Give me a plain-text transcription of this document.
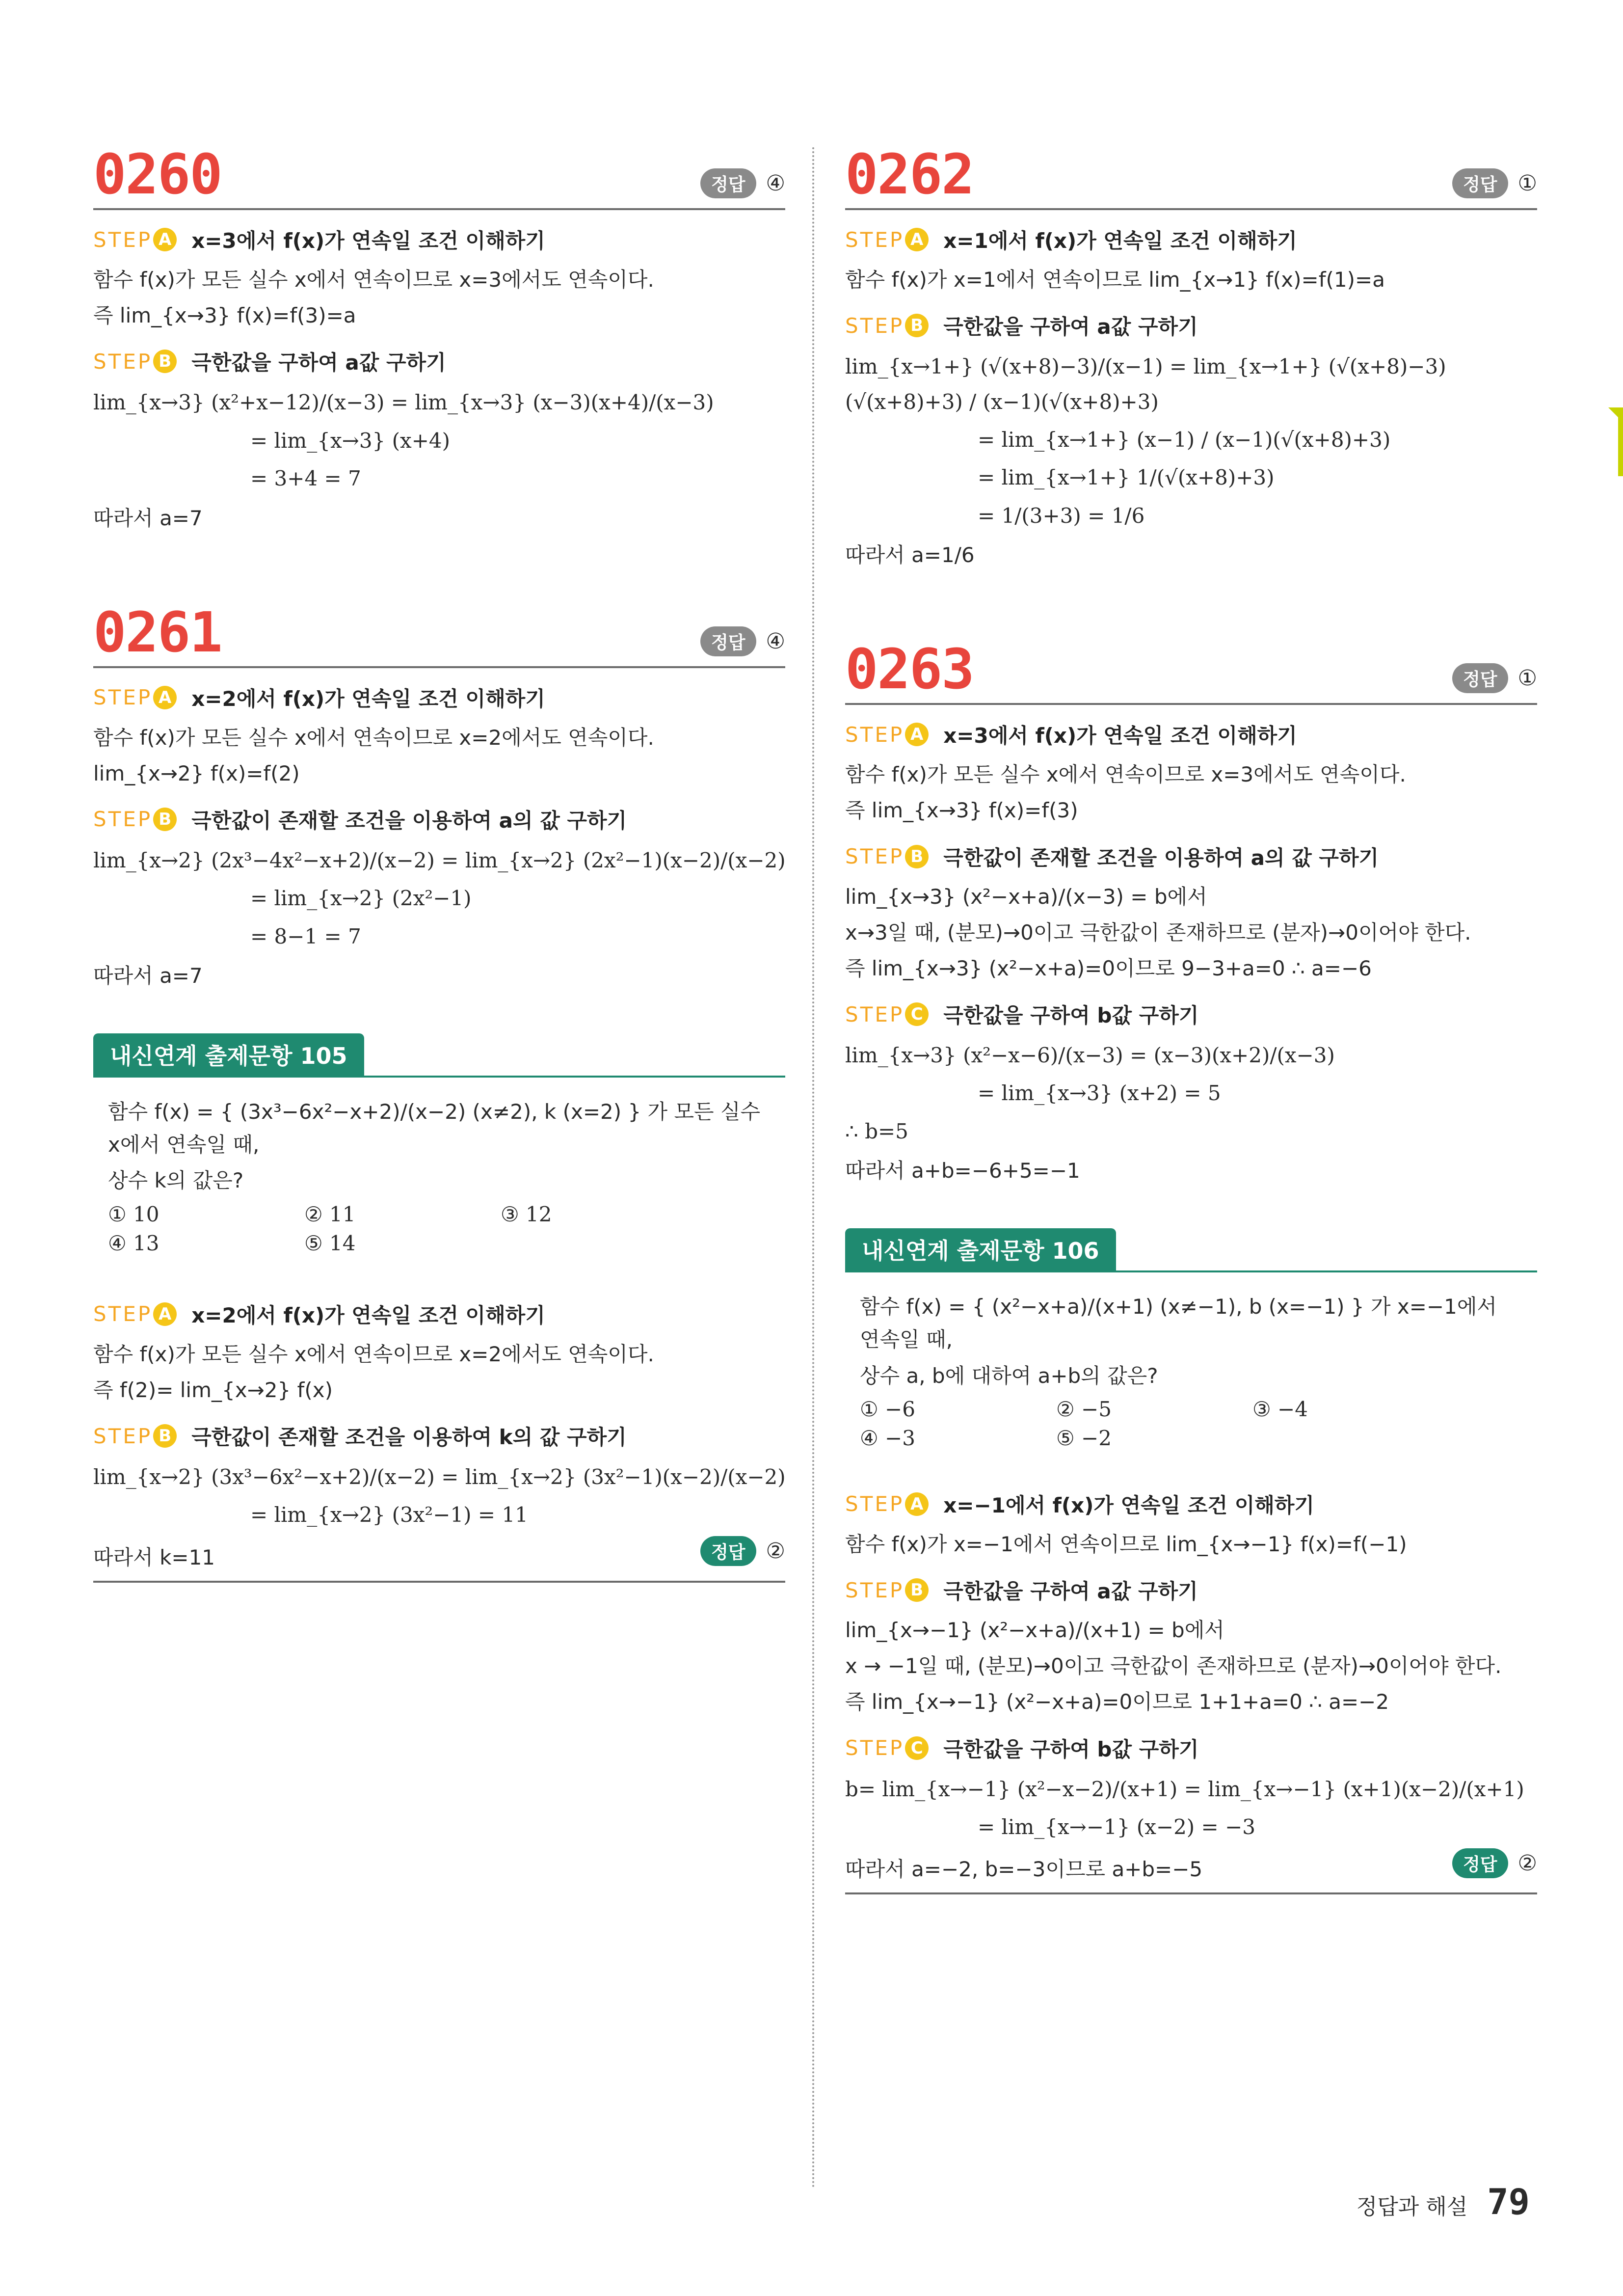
0260	정답 ④
STEP A x=3에서 f(x)가 연속일 조건 이해하기
함수 f(x)가 모든 실수 x에서 연속이므로 x=3에서도 연속이다.
즉 lim_{x→3} f(x)=f(3)=a
STEP B 극한값을 구하여 a값 구하기
lim_{x→3} (x²+x−12)/(x−3) = lim_{x→3} (x−3)(x+4)/(x−3)
= lim_{x→3} (x+4)
= 3+4 = 7
따라서 a=7
0261	정답 ④
STEP A x=2에서 f(x)가 연속일 조건 이해하기
함수 f(x)가 모든 실수 x에서 연속이므로 x=2에서도 연속이다.
lim_{x→2} f(x)=f(2)
STEP B 극한값이 존재할 조건을 이용하여 a의 값 구하기
lim_{x→2} (2x³−4x²−x+2)/(x−2) = lim_{x→2} (2x²−1)(x−2)/(x−2)
= lim_{x→2} (2x²−1)
= 8−1 = 7
따라서 a=7
내신연계 출제문항 105
함수 f(x) = { (3x³−6x²−x+2)/(x−2) (x≠2), k (x=2) } 가 모든 실수 x에서 연속일 때,
상수 k의 값은?
① 10	② 11	③ 12
④ 13	⑤ 14
STEP A x=2에서 f(x)가 연속일 조건 이해하기
함수 f(x)가 모든 실수 x에서 연속이므로 x=2에서도 연속이다.
즉 f(2)= lim_{x→2} f(x)
STEP B 극한값이 존재할 조건을 이용하여 k의 값 구하기
lim_{x→2} (3x³−6x²−x+2)/(x−2) = lim_{x→2} (3x²−1)(x−2)/(x−2)
= lim_{x→2} (3x²−1) = 11
따라서 k=11	정답 ②
0262	정답 ①
STEP A x=1에서 f(x)가 연속일 조건 이해하기
함수 f(x)가 x=1에서 연속이므로 lim_{x→1} f(x)=f(1)=a
STEP B 극한값을 구하여 a값 구하기
lim_{x→1+} (√(x+8)−3)/(x−1) = lim_{x→1+} (√(x+8)−3)(√(x+8)+3) / (x−1)(√(x+8)+3)
= lim_{x→1+} (x−1) / (x−1)(√(x+8)+3)
= lim_{x→1+} 1/(√(x+8)+3)
= 1/(3+3) = 1/6
따라서 a=1/6
0263	정답 ①
STEP A x=3에서 f(x)가 연속일 조건 이해하기
함수 f(x)가 모든 실수 x에서 연속이므로 x=3에서도 연속이다.
즉 lim_{x→3} f(x)=f(3)
STEP B 극한값이 존재할 조건을 이용하여 a의 값 구하기
lim_{x→3} (x²−x+a)/(x−3) = b에서
x→3일 때, (분모)→0이고 극한값이 존재하므로 (분자)→0이어야 한다.
즉 lim_{x→3} (x²−x+a)=0이므로 9−3+a=0 ∴ a=−6
STEP C 극한값을 구하여 b값 구하기
lim_{x→3} (x²−x−6)/(x−3) = (x−3)(x+2)/(x−3)
= lim_{x→3} (x+2) = 5
∴ b=5
따라서 a+b=−6+5=−1
내신연계 출제문항 106
함수 f(x) = { (x²−x+a)/(x+1) (x≠−1), b (x=−1) } 가 x=−1에서 연속일 때,
상수 a, b에 대하여 a+b의 값은?
① −6	② −5	③ −4
④ −3	⑤ −2
STEP A x=−1에서 f(x)가 연속일 조건 이해하기
함수 f(x)가 x=−1에서 연속이므로 lim_{x→−1} f(x)=f(−1)
STEP B 극한값을 구하여 a값 구하기
lim_{x→−1} (x²−x+a)/(x+1) = b에서
x → −1일 때, (분모)→0이고 극한값이 존재하므로 (분자)→0이어야 한다.
즉 lim_{x→−1} (x²−x+a)=0이므로 1+1+a=0 ∴ a=−2
STEP C 극한값을 구하여 b값 구하기
b= lim_{x→−1} (x²−x−2)/(x+1) = lim_{x→−1} (x+1)(x−2)/(x+1)
= lim_{x→−1} (x−2) = −3
따라서 a=−2, b=−3이므로 a+b=−5	정답 ②
정답과 해설 79
